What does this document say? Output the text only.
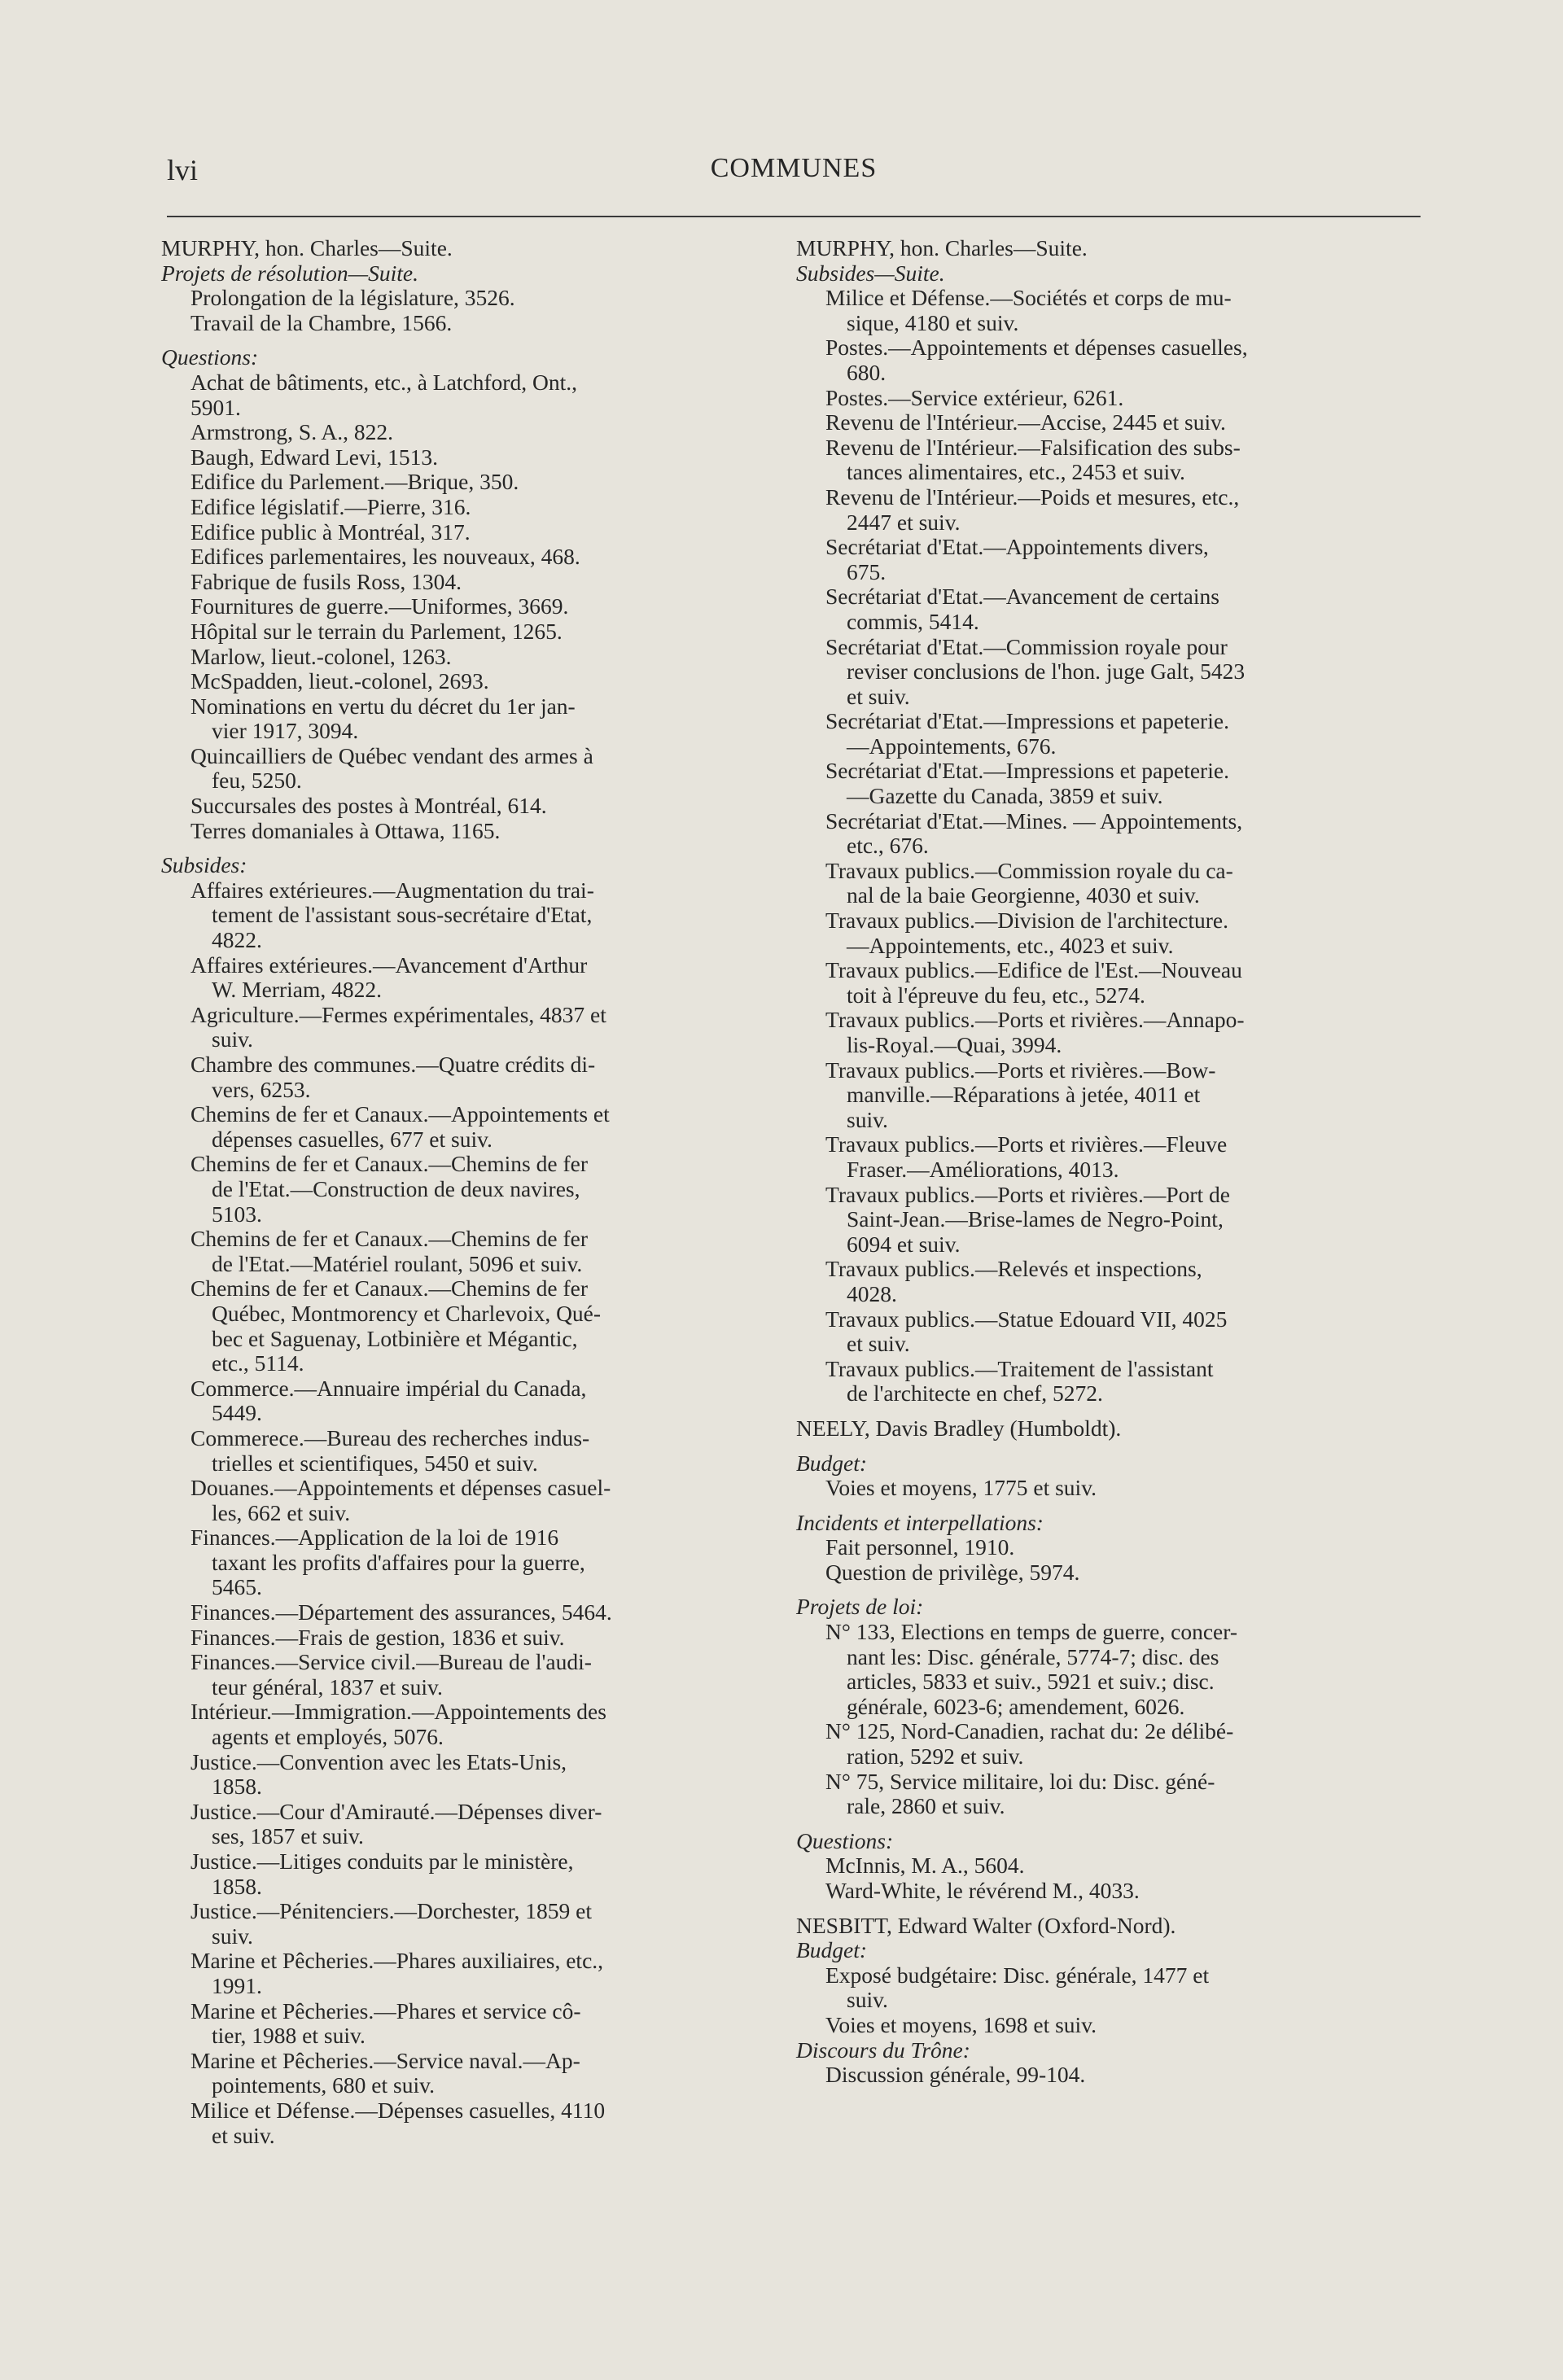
lvi	COMMUNES
MURPHY, hon. Charles—Suite.
Projets de résolution—Suite.
Prolongation de la législature, 3526.
Travail de la Chambre, 1566.
Questions:
Achat de bâtiments, etc., à Latchford, Ont.,
5901.
Armstrong, S. A., 822.
Baugh, Edward Levi, 1513.
Edifice du Parlement.—Brique, 350.
Edifice législatif.—Pierre, 316.
Edifice public à Montréal, 317.
Edifices parlementaires, les nouveaux, 468.
Fabrique de fusils Ross, 1304.
Fournitures de guerre.—Uniformes, 3669.
Hôpital sur le terrain du Parlement, 1265.
Marlow, lieut.-colonel, 1263.
McSpadden, lieut.-colonel, 2693.
Nominations en vertu du décret du 1er jan-
vier 1917, 3094.
Quincailliers de Québec vendant des armes à
feu, 5250.
Succursales des postes à Montréal, 614.
Terres domaniales à Ottawa, 1165.
Subsides:
Affaires extérieures.—Augmentation du trai-
tement de l'assistant sous-secrétaire d'Etat,
4822.
Affaires extérieures.—Avancement d'Arthur
W. Merriam, 4822.
Agriculture.—Fermes expérimentales, 4837 et
suiv.
Chambre des communes.—Quatre crédits di-
vers, 6253.
Chemins de fer et Canaux.—Appointements et
dépenses casuelles, 677 et suiv.
Chemins de fer et Canaux.—Chemins de fer
de l'Etat.—Construction de deux navires,
5103.
Chemins de fer et Canaux.—Chemins de fer
de l'Etat.—Matériel roulant, 5096 et suiv.
Chemins de fer et Canaux.—Chemins de fer
Québec, Montmorency et Charlevoix, Qué-
bec et Saguenay, Lotbinière et Mégantic,
etc., 5114.
Commerce.—Annuaire impérial du Canada,
5449.
Commerece.—Bureau des recherches indus-
trielles et scientifiques, 5450 et suiv.
Douanes.—Appointements et dépenses casuel-
les, 662 et suiv.
Finances.—Application de la loi de 1916
taxant les profits d'affaires pour la guerre,
5465.
Finances.—Département des assurances, 5464.
Finances.—Frais de gestion, 1836 et suiv.
Finances.—Service civil.—Bureau de l'audi-
teur général, 1837 et suiv.
Intérieur.—Immigration.—Appointements des
agents et employés, 5076.
Justice.—Convention avec les Etats-Unis,
1858.
Justice.—Cour d'Amirauté.—Dépenses diver-
ses, 1857 et suiv.
Justice.—Litiges conduits par le ministère,
1858.
Justice.—Pénitenciers.—Dorchester, 1859 et
suiv.
Marine et Pêcheries.—Phares auxiliaires, etc.,
1991.
Marine et Pêcheries.—Phares et service cô-
tier, 1988 et suiv.
Marine et Pêcheries.—Service naval.—Ap-
pointements, 680 et suiv.
Milice et Défense.—Dépenses casuelles, 4110
et suiv.
MURPHY, hon. Charles—Suite.
Subsides—Suite.
Milice et Défense.—Sociétés et corps de mu-
sique, 4180 et suiv.
Postes.—Appointements et dépenses casuelles,
680.
Postes.—Service extérieur, 6261.
Revenu de l'Intérieur.—Accise, 2445 et suiv.
Revenu de l'Intérieur.—Falsification des subs-
tances alimentaires, etc., 2453 et suiv.
Revenu de l'Intérieur.—Poids et mesures, etc.,
2447 et suiv.
Secrétariat d'Etat.—Appointements divers,
675.
Secrétariat d'Etat.—Avancement de certains
commis, 5414.
Secrétariat d'Etat.—Commission royale pour
reviser conclusions de l'hon. juge Galt, 5423
et suiv.
Secrétariat d'Etat.—Impressions et papeterie.
—Appointements, 676.
Secrétariat d'Etat.—Impressions et papeterie.
—Gazette du Canada, 3859 et suiv.
Secrétariat d'Etat.—Mines. — Appointements,
etc., 676.
Travaux publics.—Commission royale du ca-
nal de la baie Georgienne, 4030 et suiv.
Travaux publics.—Division de l'architecture.
—Appointements, etc., 4023 et suiv.
Travaux publics.—Edifice de l'Est.—Nouveau
toit à l'épreuve du feu, etc., 5274.
Travaux publics.—Ports et rivières.—Annapo-
lis-Royal.—Quai, 3994.
Travaux publics.—Ports et rivières.—Bow-
manville.—Réparations à jetée, 4011 et
suiv.
Travaux publics.—Ports et rivières.—Fleuve
Fraser.—Améliorations, 4013.
Travaux publics.—Ports et rivières.—Port de
Saint-Jean.—Brise-lames de Negro-Point,
6094 et suiv.
Travaux publics.—Relevés et inspections,
4028.
Travaux publics.—Statue Edouard VII, 4025
et suiv.
Travaux publics.—Traitement de l'assistant
de l'architecte en chef, 5272.
NEELY, Davis Bradley (Humboldt).
Budget:
Voies et moyens, 1775 et suiv.
Incidents et interpellations:
Fait personnel, 1910.
Question de privilège, 5974.
Projets de loi:
N° 133, Elections en temps de guerre, concer-
nant les: Disc. générale, 5774-7; disc. des
articles, 5833 et suiv., 5921 et suiv.; disc.
générale, 6023-6; amendement, 6026.
N° 125, Nord-Canadien, rachat du: 2e délibé-
ration, 5292 et suiv.
N° 75, Service militaire, loi du: Disc. géné-
rale, 2860 et suiv.
Questions:
McInnis, M. A., 5604.
Ward-White, le révérend M., 4033.
NESBITT, Edward Walter (Oxford-Nord).
Budget:
Exposé budgétaire: Disc. générale, 1477 et
suiv.
Voies et moyens, 1698 et suiv.
Discours du Trône:
Discussion générale, 99-104.
